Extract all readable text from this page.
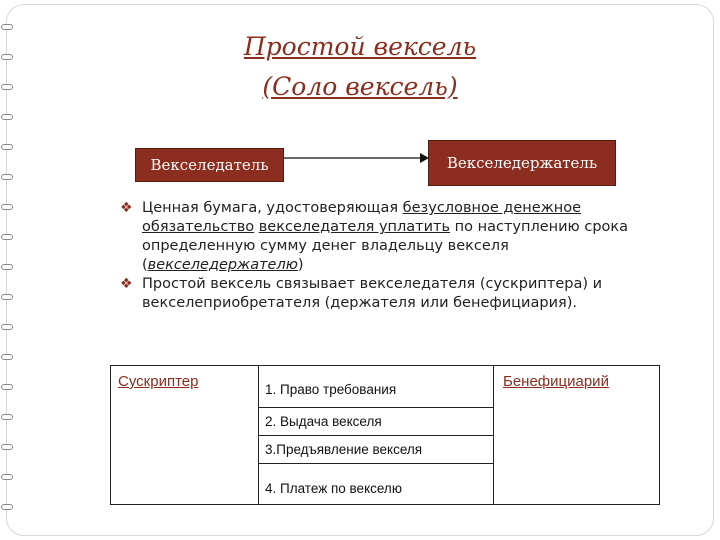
Простой вексель
(Соло вексель)
Векселедатель	Векселедержатель
❖ Ценная бумага, удостоверяющая безусловное денежное обязательство векселедателя уплатить по наступлению срока определенную сумму денег владельцу векселя (векселедержателю)
❖ Простой вексель связывает векселедателя (сускриптера) и векселеприобретателя (держателя или бенефициария).
Сускриптер	Бенефициарий
1. Право требования
2. Выдача векселя
3.Предъявление векселя
4. Платеж по векселю
